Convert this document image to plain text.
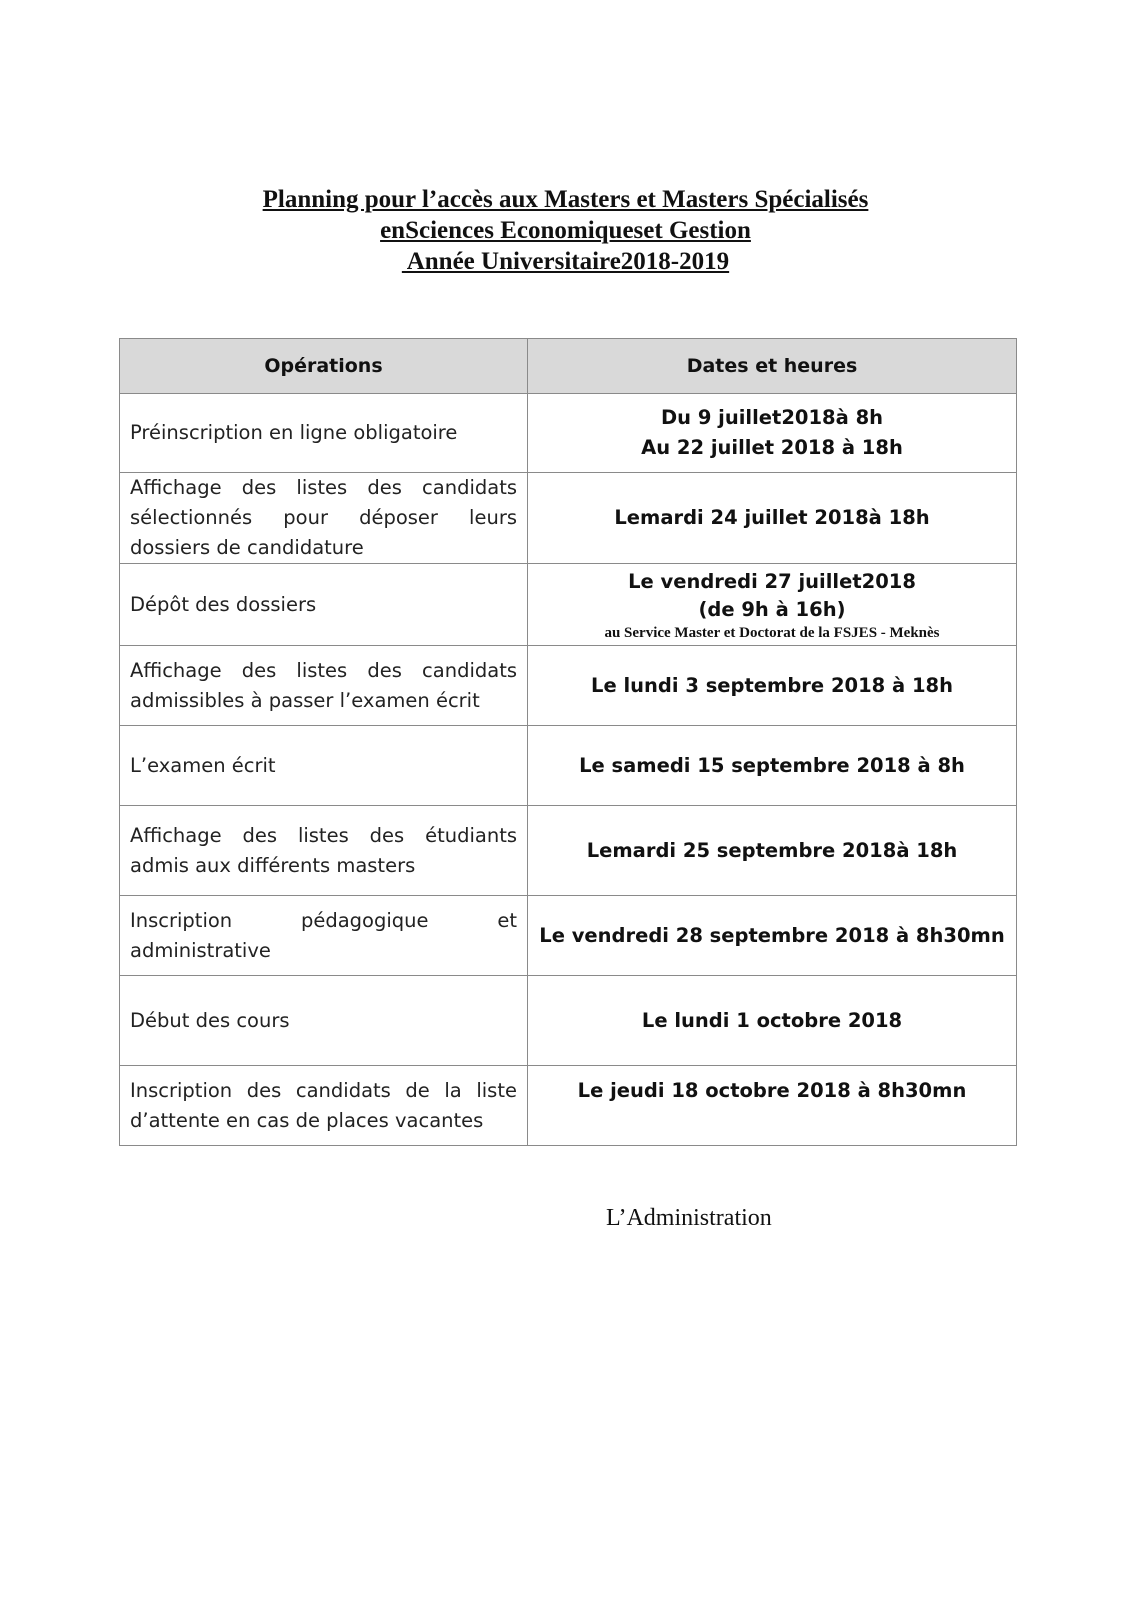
Planning pour l’accès aux Masters et Masters Spécialisés
enSciences Economiqueset Gestion
Année Universitaire2018-2019
Opérations	Dates et heures
Préinscription en ligne obligatoire	Du 9 juillet2018à 8h
Au 22 juillet 2018 à 18h

Affichage des listes des candidats sélectionnés pour déposer leurs dossiers de candidature	Lemardi 24 juillet 2018à 18h
Dépôt des dossiers	Le vendredi 27 juillet2018
(de 9h à 16h)
au Service Master et Doctorat de la FSJES - Meknès

Affichage des listes des candidats admissibles à passer l’examen écrit	Le lundi 3 septembre 2018 à 18h
L’examen écrit	Le samedi 15 septembre 2018 à 8h
Affichage des listes des étudiants admis aux différents masters	Lemardi 25 septembre 2018à 18h
Inscription pédagogique et administrative	Le vendredi 28 septembre 2018 à 8h30mn
Début des cours	Le lundi 1 octobre 2018
Inscription des candidats de la liste d’attente en cas de places vacantes	Le jeudi 18 octobre 2018 à 8h30mn
L’Administration
